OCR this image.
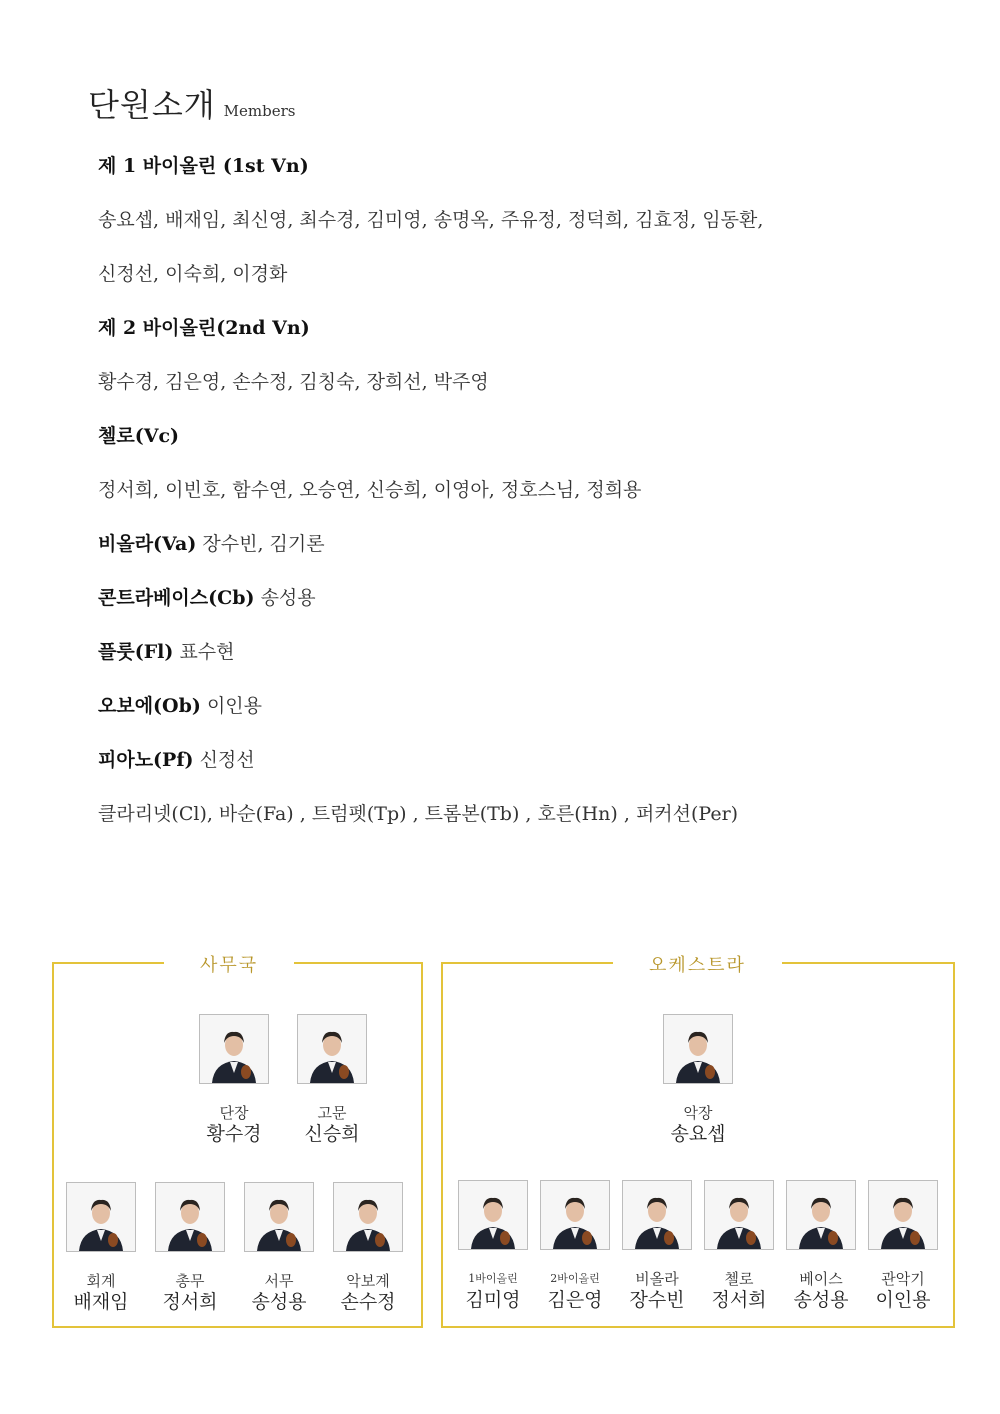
단원소개 Members
제 1 바이올린 (1st Vn)
송요셉, 배재임, 최신영, 최수경, 김미영, 송명옥, 주유정, 정덕희, 김효정, 임동환,
신정선, 이숙희, 이경화
제 2 바이올린(2nd Vn)
황수경, 김은영, 손수정, 김칭숙, 장희선, 박주영
첼로(Vc)
정서희, 이빈호, 함수연, 오승연, 신승희, 이영아, 정호스님, 정희용
비올라(Va) 장수빈, 김기론
콘트라베이스(Cb) 송성용
플룻(Fl) 표수현
오보에(Ob) 이인용
피아노(Pf) 신정선
클라리넷(Cl), 바순(Fa) , 트럼펫(Tp) , 트롬본(Tb) , 호른(Hn) , 퍼커션(Per)
사무국
단장
황수경
고문
신승희
회계
배재임
총무
정서희
서무
송성용
악보계
손수정
오케스트라
악장
송요셉
1바이올린
김미영
2바이올린
김은영
비올라
장수빈
첼로
정서희
베이스
송성용
관악기
이인용
